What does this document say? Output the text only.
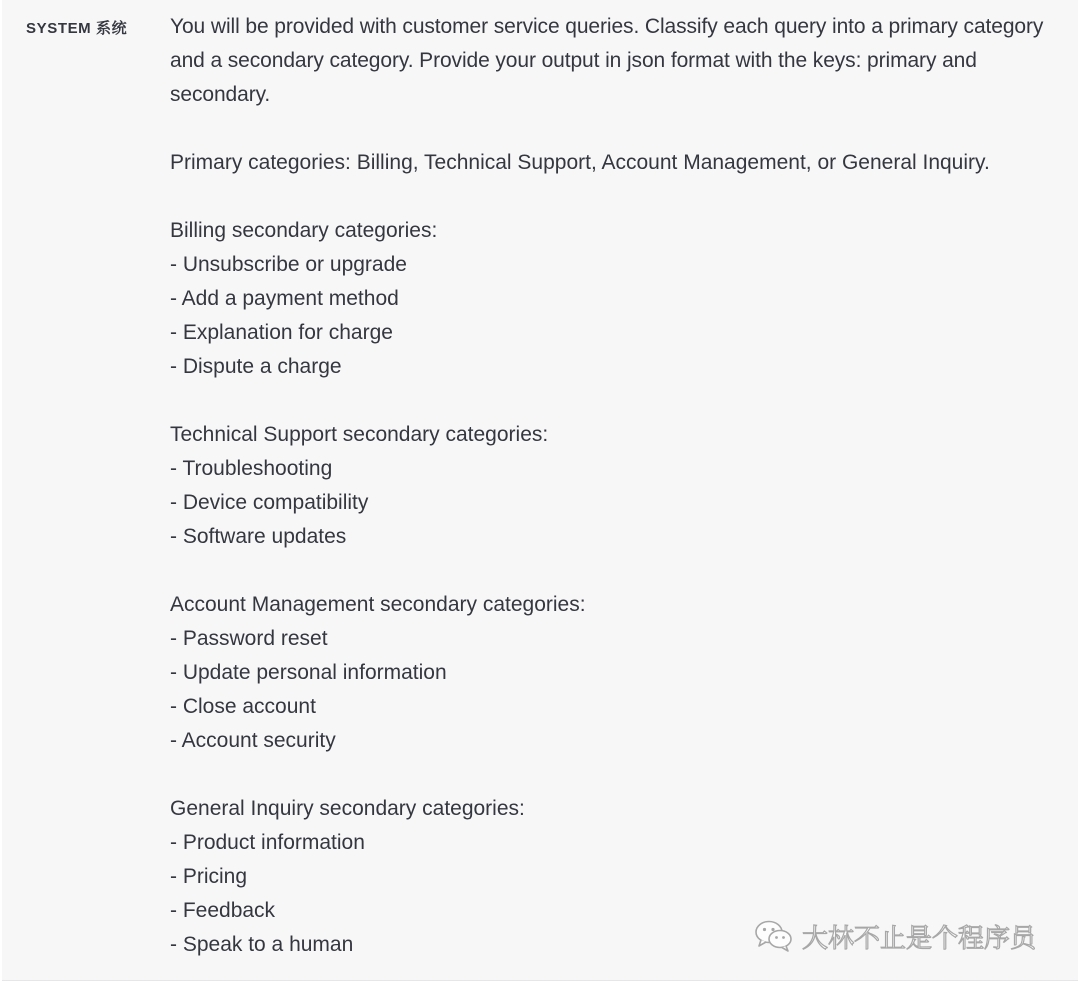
SYSTEM 系统 You will be provided with customer service queries. Classify each query into a primary category and a secondary category. Provide your output in json format with the keys: primary and secondary.

Primary categories: Billing, Technical Support, Account Management, or General Inquiry.

Billing secondary categories:
- Unsubscribe or upgrade
- Add a payment method
- Explanation for charge
- Dispute a charge
Technical Support secondary categories:
- Troubleshooting
- Device compatibility
- Software updates
Account Management secondary categories:
- Password reset
- Update personal information
- Close account
- Account security
General Inquiry secondary categories:
- Product information
- Pricing
- Feedback
- Speak to a human	大林不止是个程序员
